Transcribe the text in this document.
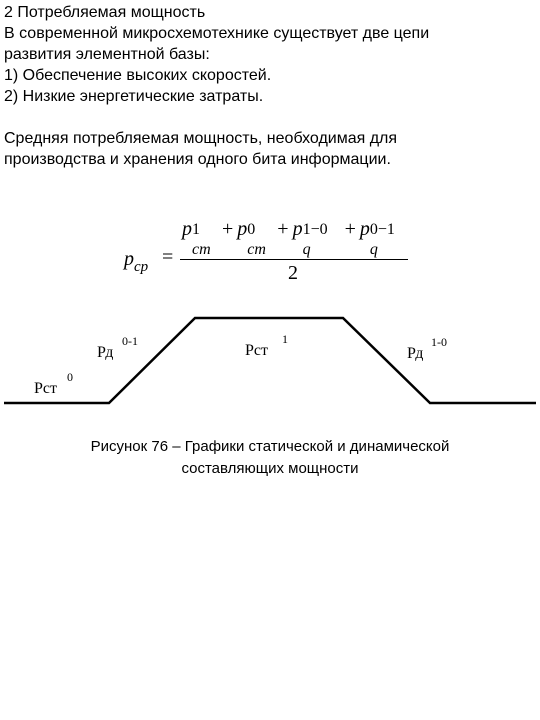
2 Потребляемая мощность
В современной микросхемотехнике существует две цепи
развития элементной базы:
1) Обеспечение высоких скоростей.
2) Низкие энергетические затраты.
Средняя потребляемая мощность, необходимая для
производства и хранения одного бита информации.
$p_{cp}$ =
p 1
cm
+ p 0
cm
+ p 1−0
q
+ p 0−1
q
2
Рст
0
Рд
0-1
Рст
1
Рд
1-0
Рисунок 76 – Графики статической и динамической
составляющих мощности
